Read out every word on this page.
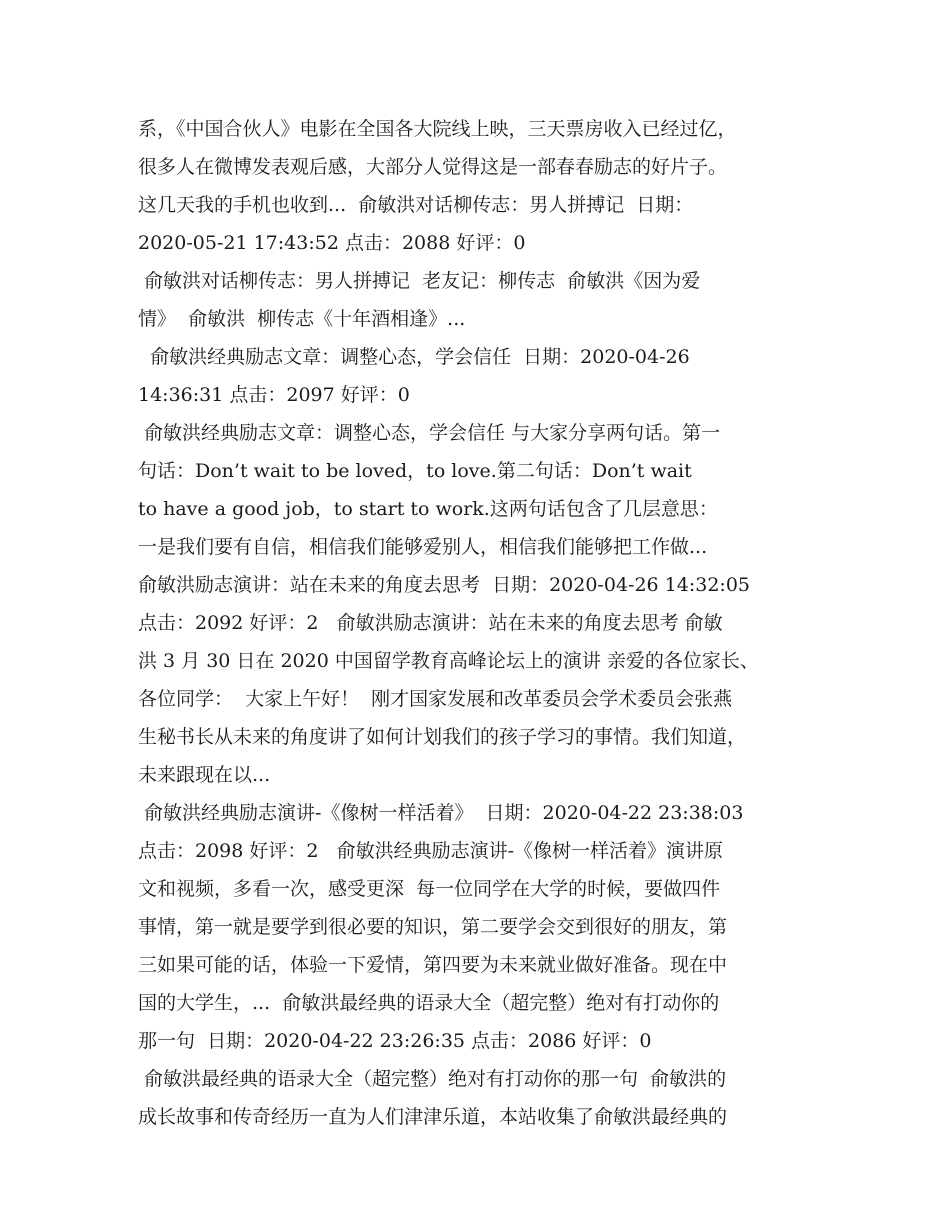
系，《中国合伙人》电影在全国各大院线上映，三天票房收入已经过亿，
很多人在微博发表观后感，大部分人觉得这是一部春春励志的好片子。
这几天我的手机也收到...  俞敏洪对话柳传志：男人拼搏记  日期：
2020-05-21 17:43:52 点击：2088 好评：0
俞敏洪对话柳传志：男人拼搏记  老友记：柳传志  俞敏洪《因为爱
情》  俞敏洪  柳传志《十年酒相逢》...
俞敏洪经典励志文章：调整心态，学会信任  日期：2020-04-26
14:36:31 点击：2097 好评：0
俞敏洪经典励志文章：调整心态，学会信任 与大家分享两句话。第一
句话：Don’t wait to be loved，to love.第二句话：Don’t wait
to have a good job，to start to work.这两句话包含了几层意思：
一是我们要有自信，相信我们能够爱别人，相信我们能够把工作做...
俞敏洪励志演讲：站在未来的角度去思考  日期：2020-04-26 14:32:05
点击：2092 好评：2   俞敏洪励志演讲：站在未来的角度去思考 俞敏
洪 3 月 30 日在 2020 中国留学教育高峰论坛上的演讲 亲爱的各位家长、
各位同学：  大家上午好！  刚才国家发展和改革委员会学术委员会张燕
生秘书长从未来的角度讲了如何计划我们的孩子学习的事情。我们知道，
未来跟现在以...
俞敏洪经典励志演讲-《像树一样活着》  日期：2020-04-22 23:38:03
点击：2098 好评：2   俞敏洪经典励志演讲-《像树一样活着》演讲原
文和视频，多看一次，感受更深  每一位同学在大学的时候，要做四件
事情，第一就是要学到很必要的知识，第二要学会交到很好的朋友，第
三如果可能的话，体验一下爱情，第四要为未来就业做好准备。现在中
国的大学生，...  俞敏洪最经典的语录大全（超完整）绝对有打动你的
那一句  日期：2020-04-22 23:26:35 点击：2086 好评：0
俞敏洪最经典的语录大全（超完整）绝对有打动你的那一句  俞敏洪的
成长故事和传奇经历一直为人们津津乐道，本站收集了俞敏洪最经典的
